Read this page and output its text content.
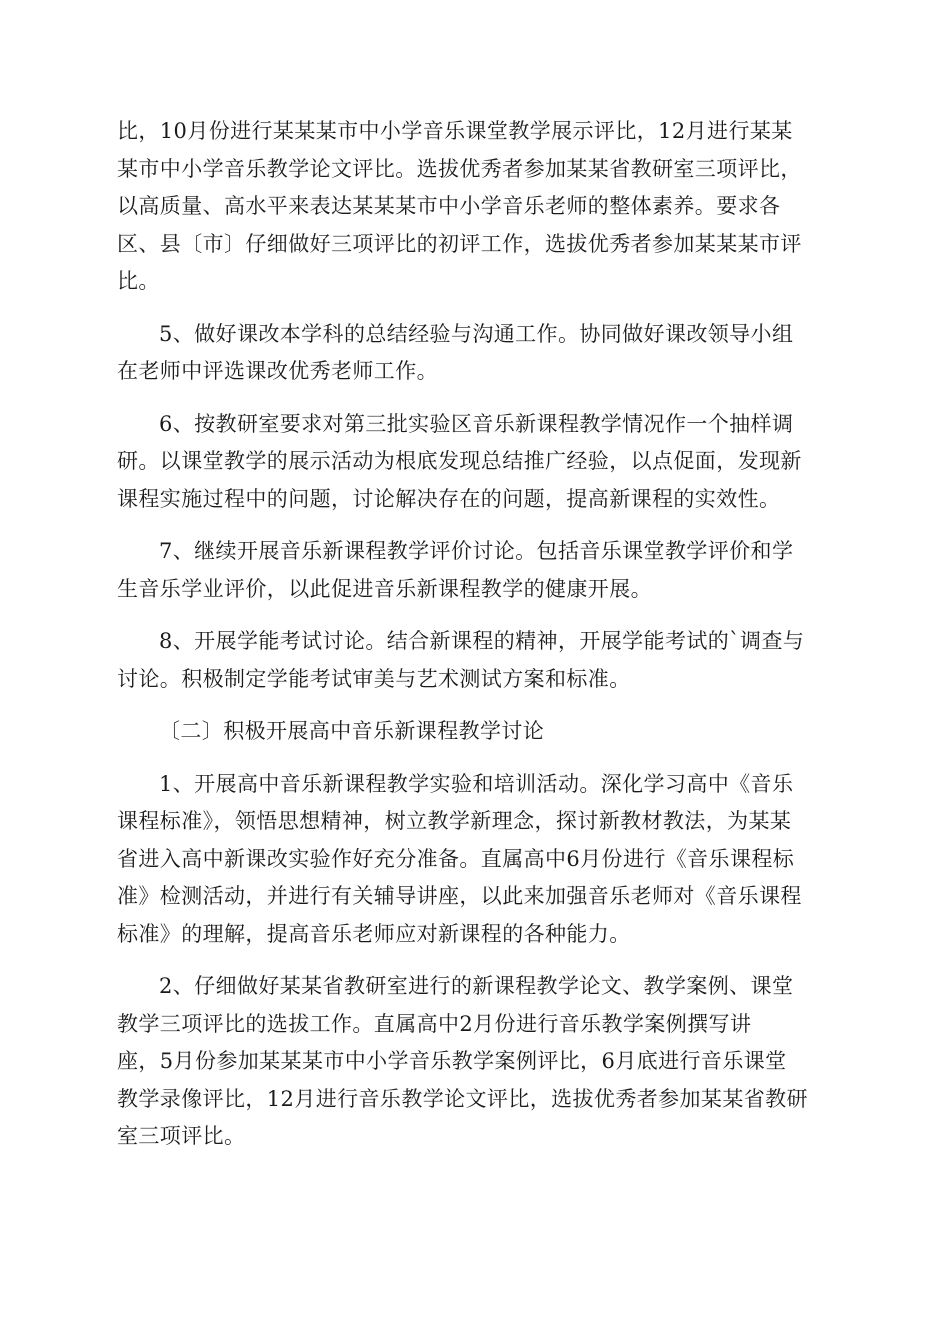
比，10月份进行某某某市中小学音乐课堂教学展示评比，12月进行某某
某市中小学音乐教学论文评比。选拔优秀者参加某某省教研室三项评比，
以高质量、高水平来表达某某某市中小学音乐老师的整体素养。要求各
区、县〔市〕仔细做好三项评比的初评工作，选拔优秀者参加某某某市评
比。

5、做好课改本学科的总结经验与沟通工作。协同做好课改领导小组
在老师中评选课改优秀老师工作。

6、按教研室要求对第三批实验区音乐新课程教学情况作一个抽样调
研。以课堂教学的展示活动为根底发现总结推广经验，以点促面，发现新
课程实施过程中的问题，讨论解决存在的问题，提高新课程的实效性。

7、继续开展音乐新课程教学评价讨论。包括音乐课堂教学评价和学
生音乐学业评价，以此促进音乐新课程教学的健康开展。

8、开展学能考试讨论。结合新课程的精神，开展学能考试的`调查与
讨论。积极制定学能考试审美与艺术测试方案和标准。

〔二〕积极开展高中音乐新课程教学讨论

1、开展高中音乐新课程教学实验和培训活动。深化学习高中《音乐
课程标准》，领悟思想精神，树立教学新理念，探讨新教材教法，为某某
省进入高中新课改实验作好充分准备。直属高中6月份进行《音乐课程标
准》检测活动，并进行有关辅导讲座，以此来加强音乐老师对《音乐课程
标准》的理解，提高音乐老师应对新课程的各种能力。

2、仔细做好某某省教研室进行的新课程教学论文、教学案例、课堂
教学三项评比的选拔工作。直属高中2月份进行音乐教学案例撰写讲
座，5月份参加某某某市中小学音乐教学案例评比，6月底进行音乐课堂
教学录像评比，12月进行音乐教学论文评比，选拔优秀者参加某某省教研
室三项评比。
